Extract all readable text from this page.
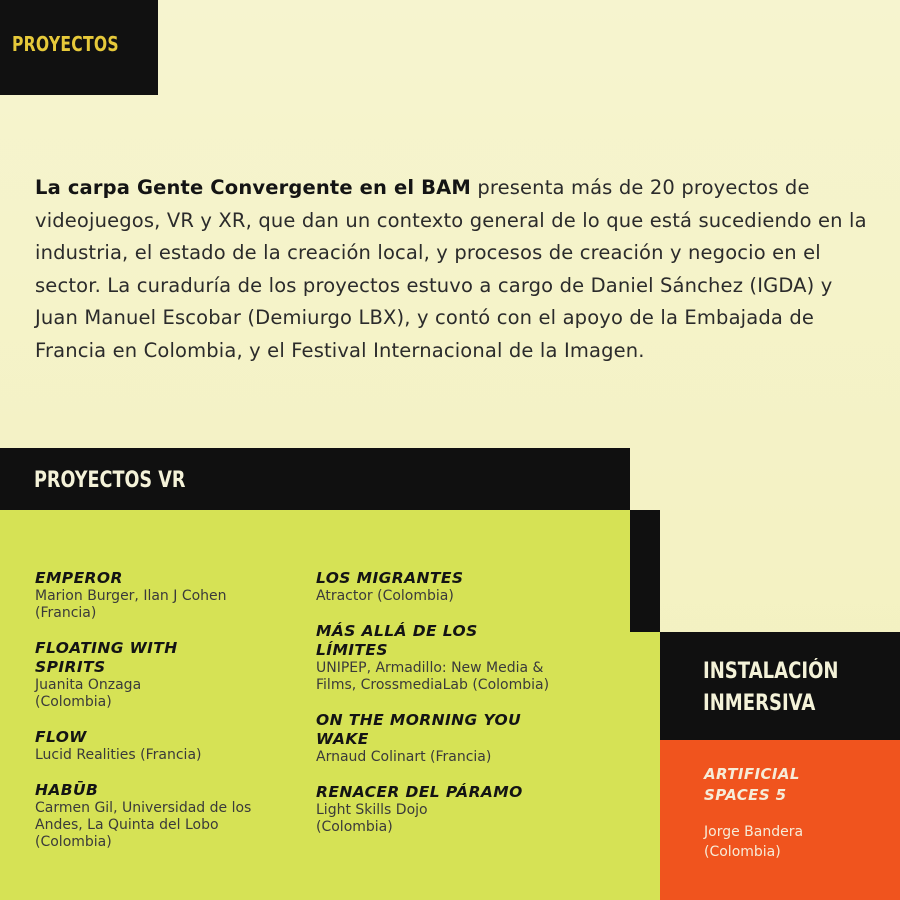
PROYECTOS

La carpa Gente Convergente en el BAM presenta más de 20 proyectos de videojuegos, VR y XR, que dan un contexto general de lo que está sucediendo en la industria, el estado de la creación local, y procesos de creación y negocio en el sector. La curaduría de los proyectos estuvo a cargo de Daniel Sánchez (IGDA) y Juan Manuel Escobar (Demiurgo LBX), y contó con el apoyo de la Embajada de Francia en Colombia, y el Festival Internacional de la Imagen.

PROYECTOS VR
INSTALACIÓN INMERSIVA
EMPEROR
Marion Burger, Ilan J Cohen (Francia)
FLOATING WITH SPIRITS
Juanita Onzaga (Colombia)
FLOW
Lucid Realities (Francia)
HABŪB
Carmen Gil, Universidad de los Andes, La Quinta del Lobo (Colombia)
LOS MIGRANTES
Atractor (Colombia)
MÁS ALLÁ DE LOS LÍMITES
UNIPEP, Armadillo: New Media & Films, CrossmediaLab (Colombia)
ON THE MORNING YOU WAKE
Arnaud Colinart (Francia)
RENACER DEL PÁRAMO
Light Skills Dojo (Colombia)
ARTIFICIAL SPACES 5
Jorge Bandera (Colombia)
